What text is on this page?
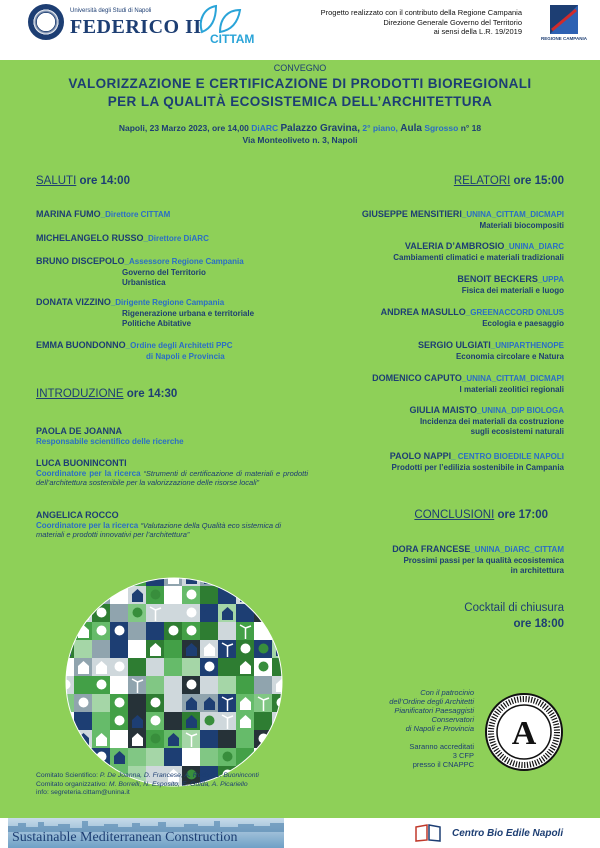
Università degli Studi di Napoli
FEDERICO II
CITTAM
Progetto realizzato con il contributo della Regione Campania
Direzione Generale Governo del Territorio
ai sensi della L.R. 19/2019
REGIONE CAMPANIA
CONVEGNO
VALORIZZAZIONE E CERTIFICAZIONE DI PRODOTTI BIOREGIONALI
PER LA QUALITÀ ECOSISTEMICA DELL’ARCHITETTURA
Napoli, 23 Marzo 2023, ore 14,00 DiARC Palazzo Gravina, 2° piano, Aula Sgrosso n° 18
Via Monteoliveto n. 3, Napoli
SALUTI ore 14:00
MARINA FUMO_Direttore CITTAM
MICHELANGELO RUSSO_Direttore DiARC
BRUNO DISCEPOLO_Assessore Regione Campania
Governo del Territorio
Urbanistica
DONATA VIZZINO_Dirigente Regione Campania
Rigenerazione urbana e territoriale
Politiche Abitative
EMMA BUONDONNO_Ordine degli Architetti PPC
di Napoli e Provincia
INTRODUZIONE ore 14:30
PAOLA DE JOANNA
Responsabile scientifico delle ricerche
LUCA BUONINCONTI
Coordinatore per la ricerca “Strumenti di certificazione di materiali e prodotti dell’architettura sostenibile per la valorizzazione delle risorse locali”
ANGELICA ROCCO
Coordinatore per la ricerca “Valutazione della Qualità eco sistemica di materiali e prodotti innovativi per l’architettura”
RELATORI ore 15:00
GIUSEPPE MENSITIERI_UNINA_CITTAM_DICMAPI
Materiali biocompositi
VALERIA D’AMBROSIO_UNINA_DIARC
Cambiamenti climatici e materiali tradizionali
BENOIT BECKERS_UPPA
Fisica dei materiali e luogo
ANDREA MASULLO_GREENACCORD ONLUS
Ecologia e paesaggio
SERGIO ULGIATI_UNIPARTHENOPE
Economia circolare e Natura
DOMENICO CAPUTO_UNINA_CITTAM_DICMAPI
I materiali zeolitici regionali
GIULIA MAISTO_UNINA_DIP BIOLOGA
Incidenza dei materiali da costruzione
sugli ecosistemi naturali
PAOLO NAPPI_ CENTRO BIOEDILE NAPOLI
Prodotti per l’edilizia sostenibile in Campania
CONCLUSIONI ore 17:00
DORA FRANCESE_UNINA_DiARC_CITTAM
Prossimi passi per la qualità ecosistemica
in architettura
Cocktail di chiusura
ore 18:00
Con il patrocinio
dell’Ordine degli Architetti
Pianificatori Paesaggisti
Conservatori
di Napoli e Provincia
Saranno accreditati
3 CFP
presso il CNAPPC
A
Comitato Scientifico: P. De Joanna, D. Francese, A. Rocco, L. Buoninconti
Comitato organizzativo: M. Borrelli, N. Esposito, E. Guida, A. Picariello
info: segreteria.cittam@unina.it
Sustainable Mediterranean Construction	Centro Bio Edile Napoli
